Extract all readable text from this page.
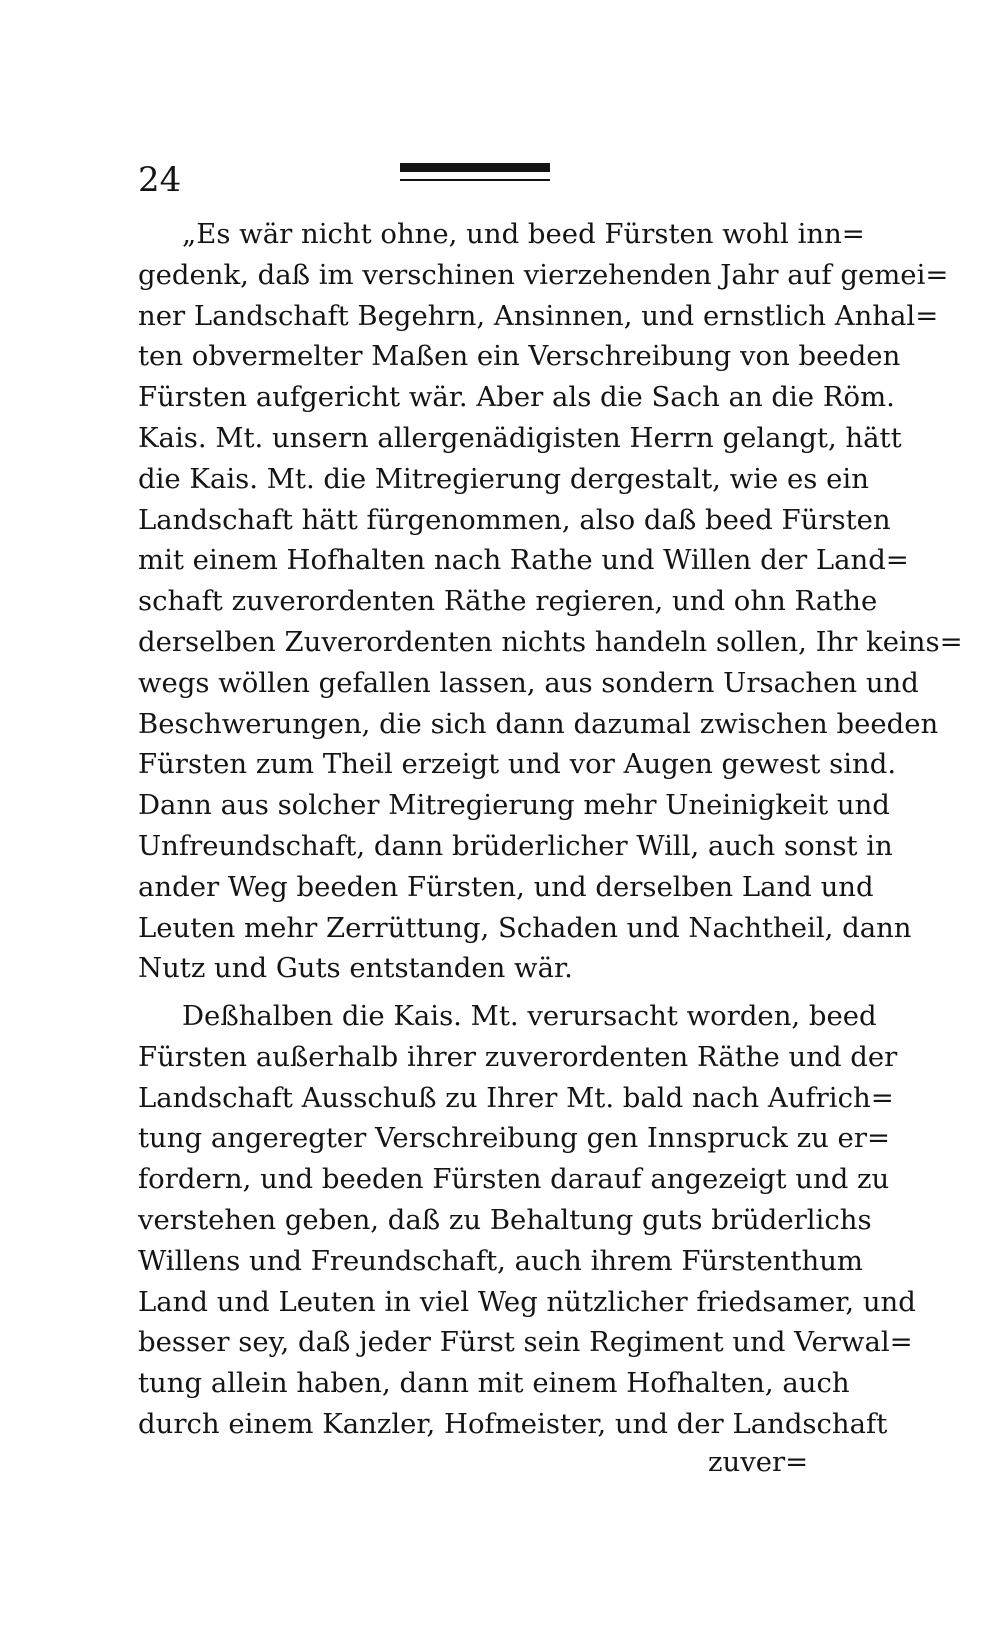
24
„Es wär nicht ohne, und beed Fürsten wohl inn=
gedenk, daß im verschinen vierzehenden Jahr auf gemei=
ner Landschaft Begehrn, Ansinnen, und ernstlich Anhal=
ten obvermelter Maßen ein Verschreibung von beeden
Fürsten aufgericht wär. Aber als die Sach an die Röm.
Kais. Mt. unsern allergenädigisten Herrn gelangt, hätt
die Kais. Mt. die Mitregierung dergestalt, wie es ein
Landschaft hätt fürgenommen, also daß beed Fürsten
mit einem Hofhalten nach Rathe und Willen der Land=
schaft zuverordenten Räthe regieren, und ohn Rathe
derselben Zuverordenten nichts handeln sollen, Ihr keins=
wegs wöllen gefallen lassen, aus sondern Ursachen und
Beschwerungen, die sich dann dazumal zwischen beeden
Fürsten zum Theil erzeigt und vor Augen gewest sind.
Dann aus solcher Mitregierung mehr Uneinigkeit und
Unfreundschaft, dann brüderlicher Will, auch sonst in
ander Weg beeden Fürsten, und derselben Land und
Leuten mehr Zerrüttung, Schaden und Nachtheil, dann
Nutz und Guts entstanden wär.
Deßhalben die Kais. Mt. verursacht worden, beed
Fürsten außerhalb ihrer zuverordenten Räthe und der
Landschaft Ausschuß zu Ihrer Mt. bald nach Aufrich=
tung angeregter Verschreibung gen Innspruck zu er=
fordern, und beeden Fürsten darauf angezeigt und zu
verstehen geben, daß zu Behaltung guts brüderlichs
Willens und Freundschaft, auch ihrem Fürstenthum
Land und Leuten in viel Weg nützlicher friedsamer, und
besser sey, daß jeder Fürst sein Regiment und Verwal=
tung allein haben, dann mit einem Hofhalten, auch
durch einem Kanzler, Hofmeister, und der Landschaft
zuver=
